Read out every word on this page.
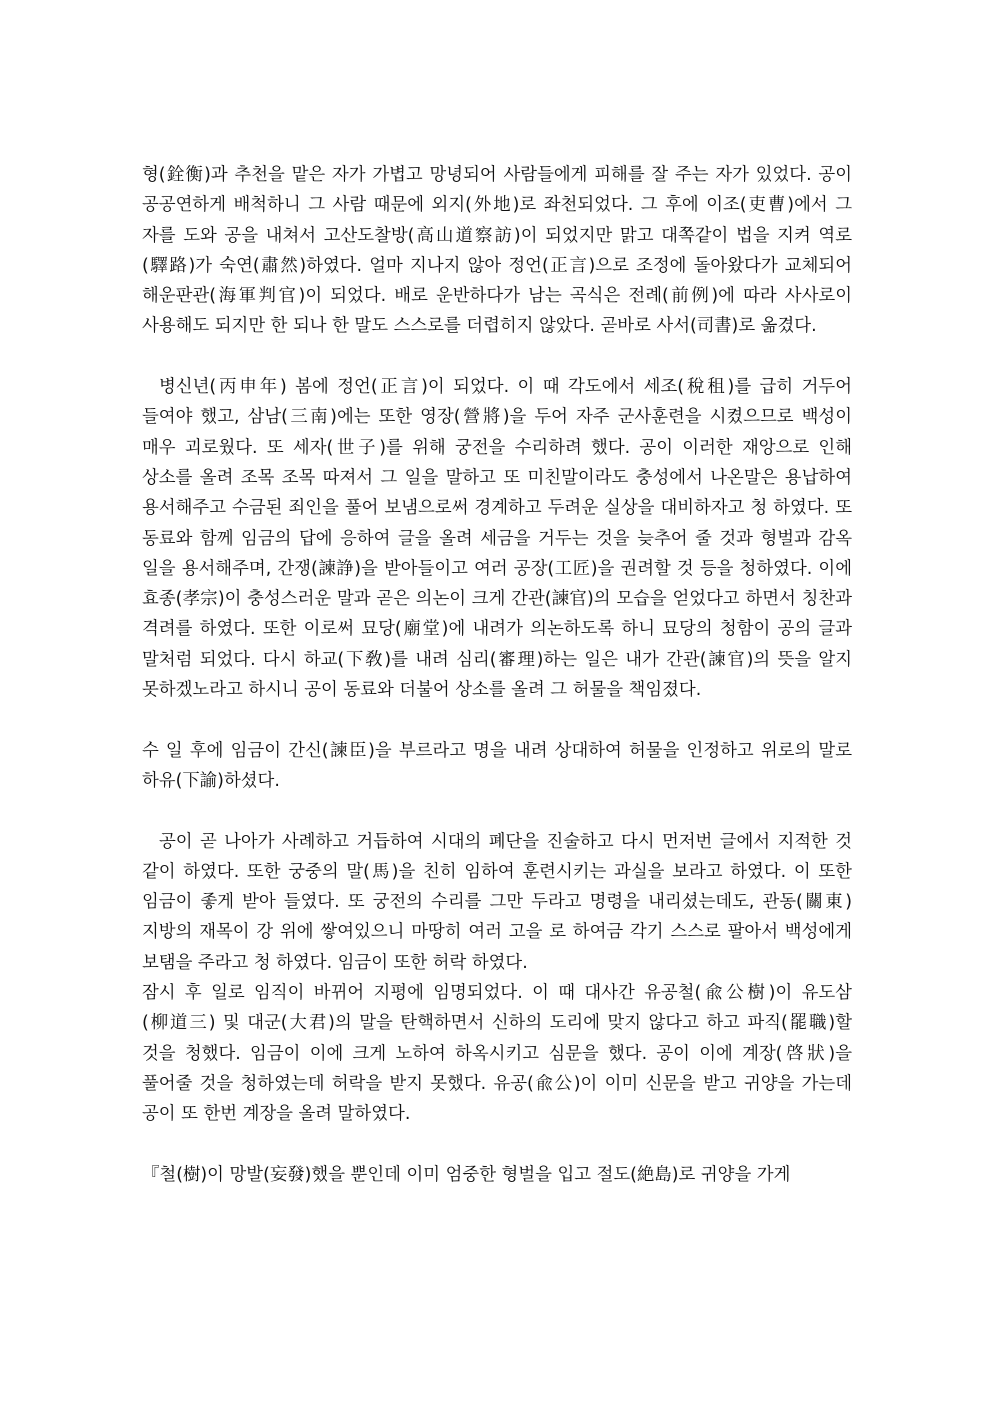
형(銓衡)과 추천을 맡은 자가 가볍고 망녕되어 사람들에게 피해를 잘 주는 자가 있었다. 공이 공공연하게 배척하니 그 사람 때문에 외지(外地)로 좌천되었다. 그 후에 이조(吏曹)에서 그 자를 도와 공을 내쳐서 고산도찰방(高山道察訪)이 되었지만 맑고 대쪽같이 법을 지켜 역로(驛路)가 숙연(肅然)하였다. 얼마 지나지 않아 정언(正言)으로 조정에 돌아왔다가 교체되어 해운판관(海軍判官)이 되었다. 배로 운반하다가 남는 곡식은 전례(前例)에 따라 사사로이 사용해도 되지만 한 되나 한 말도 스스로를 더렵히지 않았다. 곧바로 사서(司書)로 옮겼다.

병신년(丙申年) 봄에 정언(正言)이 되었다. 이 때 각도에서 세조(稅租)를 급히 거두어 들여야 했고, 삼남(三南)에는 또한 영장(營將)을 두어 자주 군사훈련을 시켰으므로 백성이 매우 괴로웠다. 또 세자(世子)를 위해 궁전을 수리하려 했다. 공이 이러한 재앙으로 인해 상소를 올려 조목 조목 따져서 그 일을 말하고 또 미친말이라도 충성에서 나온말은 용납하여 용서해주고 수금된 죄인을 풀어 보냄으로써 경계하고 두려운 실상을 대비하자고 청 하였다. 또 동료와 함께 임금의 답에 응하여 글을 올려 세금을 거두는 것을 늦추어 줄 것과 형벌과 감옥 일을 용서해주며, 간쟁(諫諍)을 받아들이고 여러 공장(工匠)을 권려할 것 등을 청하였다. 이에 효종(孝宗)이 충성스러운 말과 곧은 의논이 크게 간관(諫官)의 모습을 얻었다고 하면서 칭찬과 격려를 하였다. 또한 이로써 묘당(廟堂)에 내려가 의논하도록 하니 묘당의 청함이 공의 글과 말처럼 되었다. 다시 하교(下敎)를 내려 심리(審理)하는 일은 내가 간관(諫官)의 뜻을 알지 못하겠노라고 하시니 공이 동료와 더불어 상소를 올려 그 허물을 책임졌다.

수 일 후에 임금이 간신(諫臣)을 부르라고 명을 내려 상대하여 허물을 인정하고 위로의 말로 하유(下諭)하셨다.

공이 곧 나아가 사례하고 거듭하여 시대의 폐단을 진술하고 다시 먼저번 글에서 지적한 것 같이 하였다. 또한 궁중의 말(馬)을 친히 임하여 훈련시키는 과실을 보라고 하였다. 이 또한 임금이 좋게 받아 들였다. 또 궁전의 수리를 그만 두라고 명령을 내리셨는데도, 관동(關東) 지방의 재목이 강 위에 쌓여있으니 마땅히 여러 고을 로 하여금 각기 스스로 팔아서 백성에게 보탬을 주라고 청 하였다. 임금이 또한 허락 하였다.

잠시 후 일로 임직이 바뀌어 지평에 임명되었다. 이 때 대사간 유공철(兪公樹)이 유도삼(柳道三) 및 대군(大君)의 말을 탄핵하면서 신하의 도리에 맞지 않다고 하고 파직(罷職)할 것을 청했다. 임금이 이에 크게 노하여 하옥시키고 심문을 했다. 공이 이에 계장(啓狀)을 풀어줄 것을 청하였는데 허락을 받지 못했다. 유공(兪公)이 이미 신문을 받고 귀양을 가는데 공이 또 한번 계장을 올려 말하였다.

『철(樹)이 망발(妄發)했을 뿐인데 이미 엄중한 형벌을 입고 절도(絶島)로 귀양을 가게
